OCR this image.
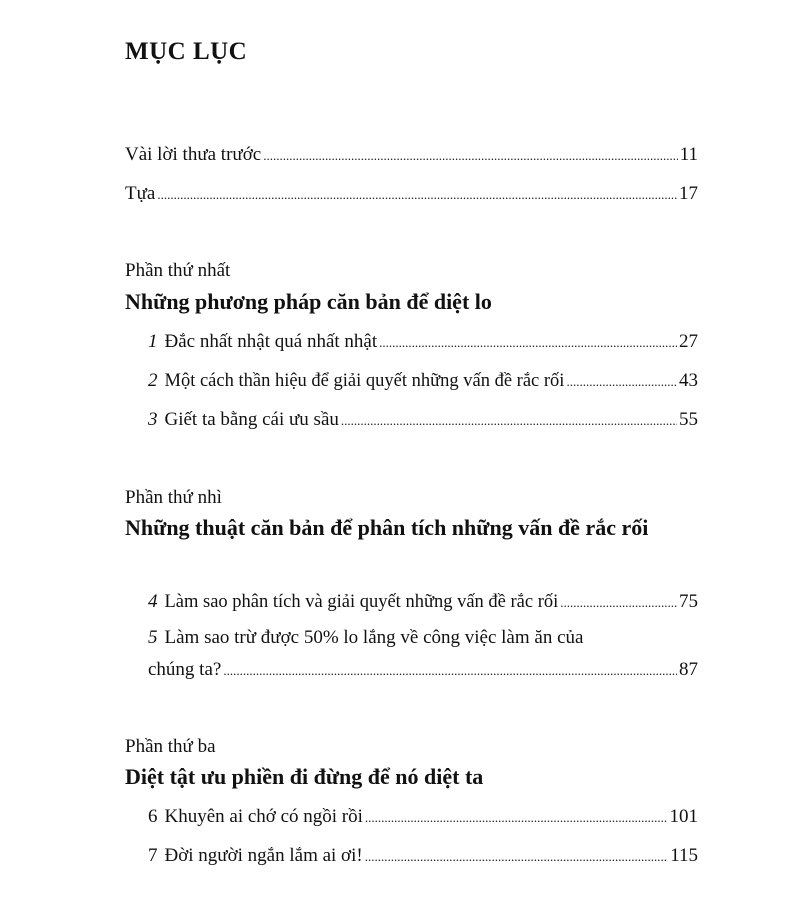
MỤC LỤC
Vài lời thưa trước .....	11
Tựa .....	17
Phần thứ nhất
Những phương pháp căn bản để diệt lo
1 Đắc nhất nhật quá nhất nhật .....	27
2 Một cách thần hiệu để giải quyết những vấn đề rắc rối .....	43
3 Giết ta bằng cái ưu sầu .....	55
Phần thứ nhì
Những thuật căn bản để phân tích những vấn đề rắc rối
4 Làm sao phân tích và giải quyết những vấn đề rắc rối .....	75
5 Làm sao trừ được 50% lo lắng về công việc làm ăn của
chúng ta? .....	87
Phần thứ ba
Diệt tật ưu phiền đi đừng để nó diệt ta
6 Khuyên ai chớ có ngồi rồi .....	101
7 Đời người ngắn lắm ai ơi! .....	115
